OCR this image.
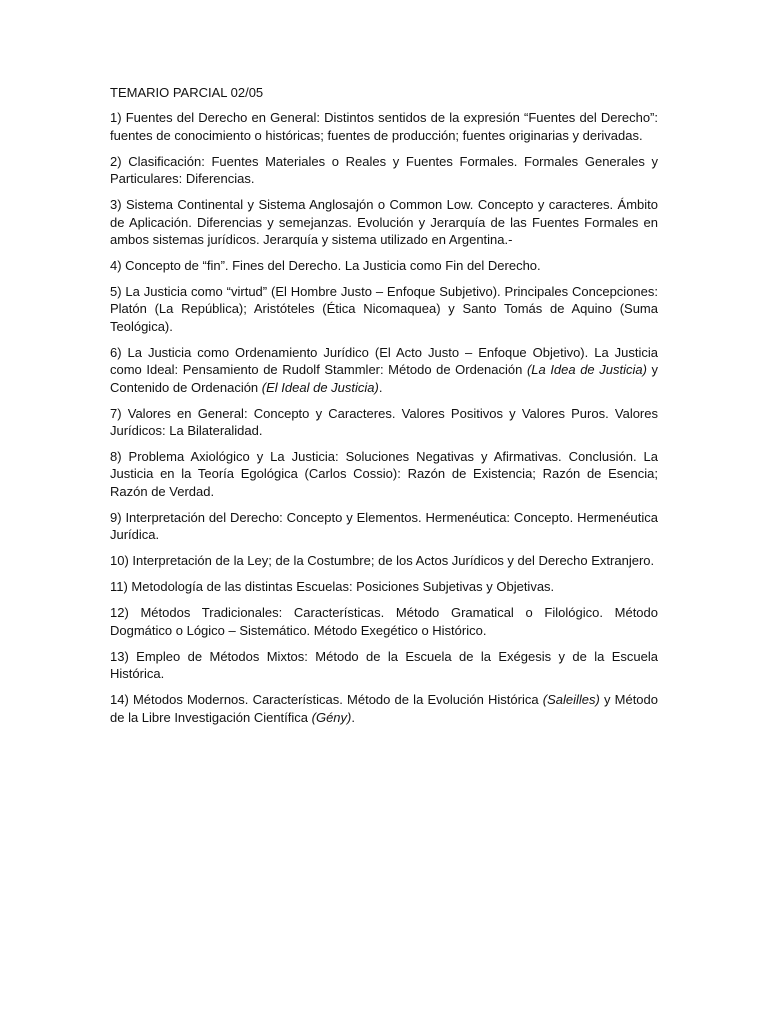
TEMARIO PARCIAL 02/05

1) Fuentes del Derecho en General: Distintos sentidos de la expresión “Fuentes del Derecho”: fuentes de conocimiento o históricas; fuentes de producción; fuentes originarias y derivadas.

2) Clasificación: Fuentes Materiales o Reales y Fuentes Formales. Formales Generales y Particulares: Diferencias.

3) Sistema Continental y Sistema Anglosajón o Common Low. Concepto y caracteres. Ámbito de Aplicación. Diferencias y semejanzas. Evolución y Jerarquía de las Fuentes Formales en ambos sistemas jurídicos. Jerarquía y sistema utilizado en Argentina.-

4) Concepto de “fin”. Fines del Derecho. La Justicia como Fin del Derecho.

5) La Justicia como “virtud” (El Hombre Justo – Enfoque Subjetivo). Principales Concepciones: Platón (La República); Aristóteles (Ética Nicomaquea) y Santo Tomás de Aquino (Suma Teológica).

6) La Justicia como Ordenamiento Jurídico (El Acto Justo – Enfoque Objetivo). La Justicia como Ideal: Pensamiento de Rudolf Stammler: Método de Ordenación (La Idea de Justicia) y Contenido de Ordenación (El Ideal de Justicia).

7) Valores en General: Concepto y Caracteres. Valores Positivos y Valores Puros. Valores Jurídicos: La Bilateralidad.

8) Problema Axiológico y La Justicia: Soluciones Negativas y Afirmativas. Conclusión. La Justicia en la Teoría Egológica (Carlos Cossio): Razón de Existencia; Razón de Esencia; Razón de Verdad.

9) Interpretación del Derecho: Concepto y Elementos. Hermenéutica: Concepto. Hermenéutica Jurídica.

10) Interpretación de la Ley; de la Costumbre; de los Actos Jurídicos y del Derecho Extranjero.

11) Metodología de las distintas Escuelas: Posiciones Subjetivas y Objetivas.

12) Métodos Tradicionales: Características. Método Gramatical o Filológico. Método Dogmático o Lógico – Sistemático. Método Exegético o Histórico.

13) Empleo de Métodos Mixtos: Método de la Escuela de la Exégesis y de la Escuela Histórica.

14) Métodos Modernos. Características. Método de la Evolución Histórica (Saleilles) y Método de la Libre Investigación Científica (Gény).
